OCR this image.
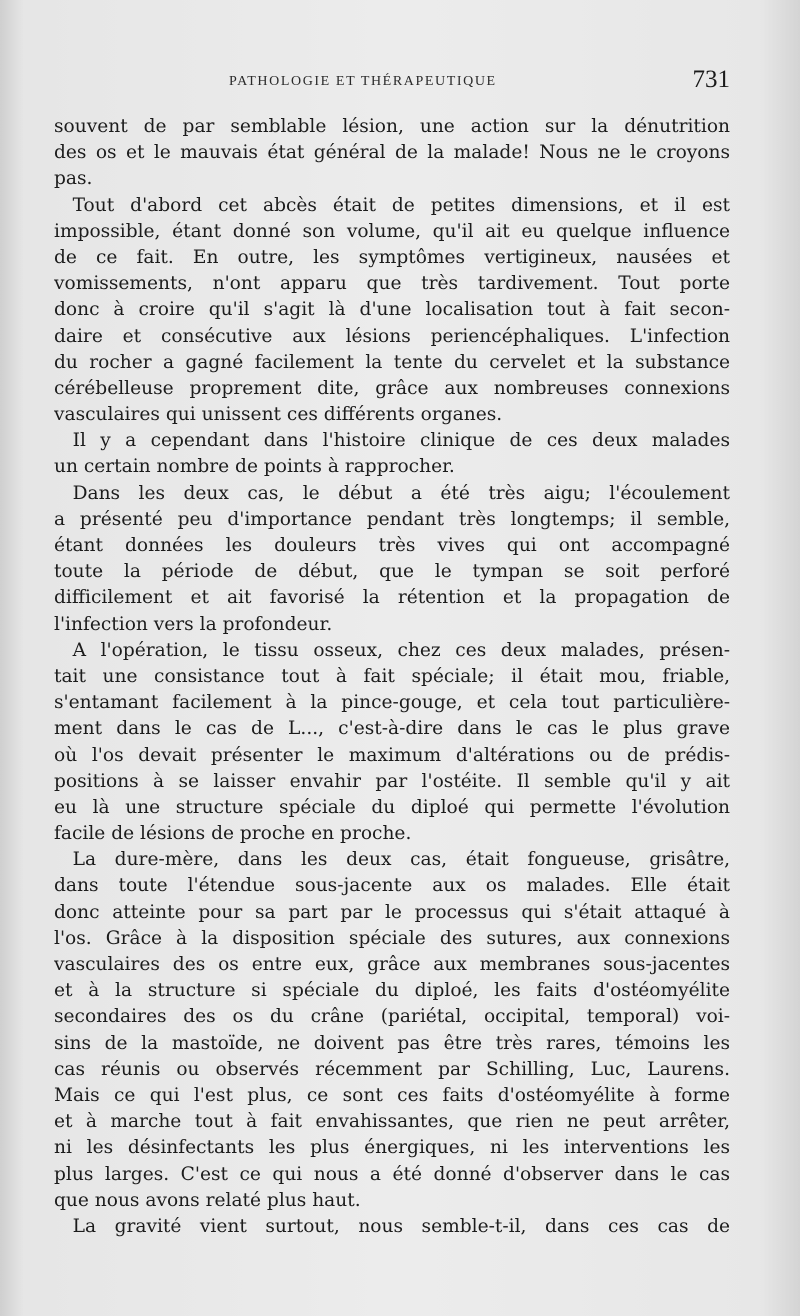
PATHOLOGIE ET THÉRAPEUTIQUE	731
souvent de par semblable lésion, une action sur la dénutrition
des os et le mauvais état général de la malade! Nous ne le croyons
pas.
 Tout d'abord cet abcès était de petites dimensions, et il est
impossible, étant donné son volume, qu'il ait eu quelque influence
de ce fait. En outre, les symptômes vertigineux, nausées et
vomissements, n'ont apparu que très tardivement. Tout porte
donc à croire qu'il s'agit là d'une localisation tout à fait secon-
daire et consécutive aux lésions periencéphaliques. L'infection
du rocher a gagné facilement la tente du cervelet et la substance
cérébelleuse proprement dite, grâce aux nombreuses connexions
vasculaires qui unissent ces différents organes.
 Il y a cependant dans l'histoire clinique de ces deux malades
un certain nombre de points à rapprocher.
 Dans les deux cas, le début a été très aigu; l'écoulement
a présenté peu d'importance pendant très longtemps; il semble,
étant données les douleurs très vives qui ont accompagné
toute la période de début, que le tympan se soit perforé
difficilement et ait favorisé la rétention et la propagation de
l'infection vers la profondeur.
 A l'opération, le tissu osseux, chez ces deux malades, présen-
tait une consistance tout à fait spéciale; il était mou, friable,
s'entamant facilement à la pince-gouge, et cela tout particulière-
ment dans le cas de L..., c'est-à-dire dans le cas le plus grave
où l'os devait présenter le maximum d'altérations ou de prédis-
positions à se laisser envahir par l'ostéite. Il semble qu'il y ait
eu là une structure spéciale du diploé qui permette l'évolution
facile de lésions de proche en proche.
 La dure-mère, dans les deux cas, était fongueuse, grisâtre,
dans toute l'étendue sous-jacente aux os malades. Elle était
donc atteinte pour sa part par le processus qui s'était attaqué à
l'os. Grâce à la disposition spéciale des sutures, aux connexions
vasculaires des os entre eux, grâce aux membranes sous-jacentes
et à la structure si spéciale du diploé, les faits d'ostéomyélite
secondaires des os du crâne (pariétal, occipital, temporal) voi-
sins de la mastoïde, ne doivent pas être très rares, témoins les
cas réunis ou observés récemment par Schilling, Luc, Laurens.
Mais ce qui l'est plus, ce sont ces faits d'ostéomyélite à forme
et à marche tout à fait envahissantes, que rien ne peut arrêter,
ni les désinfectants les plus énergiques, ni les interventions les
plus larges. C'est ce qui nous a été donné d'observer dans le cas
que nous avons relaté plus haut.
 La gravité vient surtout, nous semble-t-il, dans ces cas de
